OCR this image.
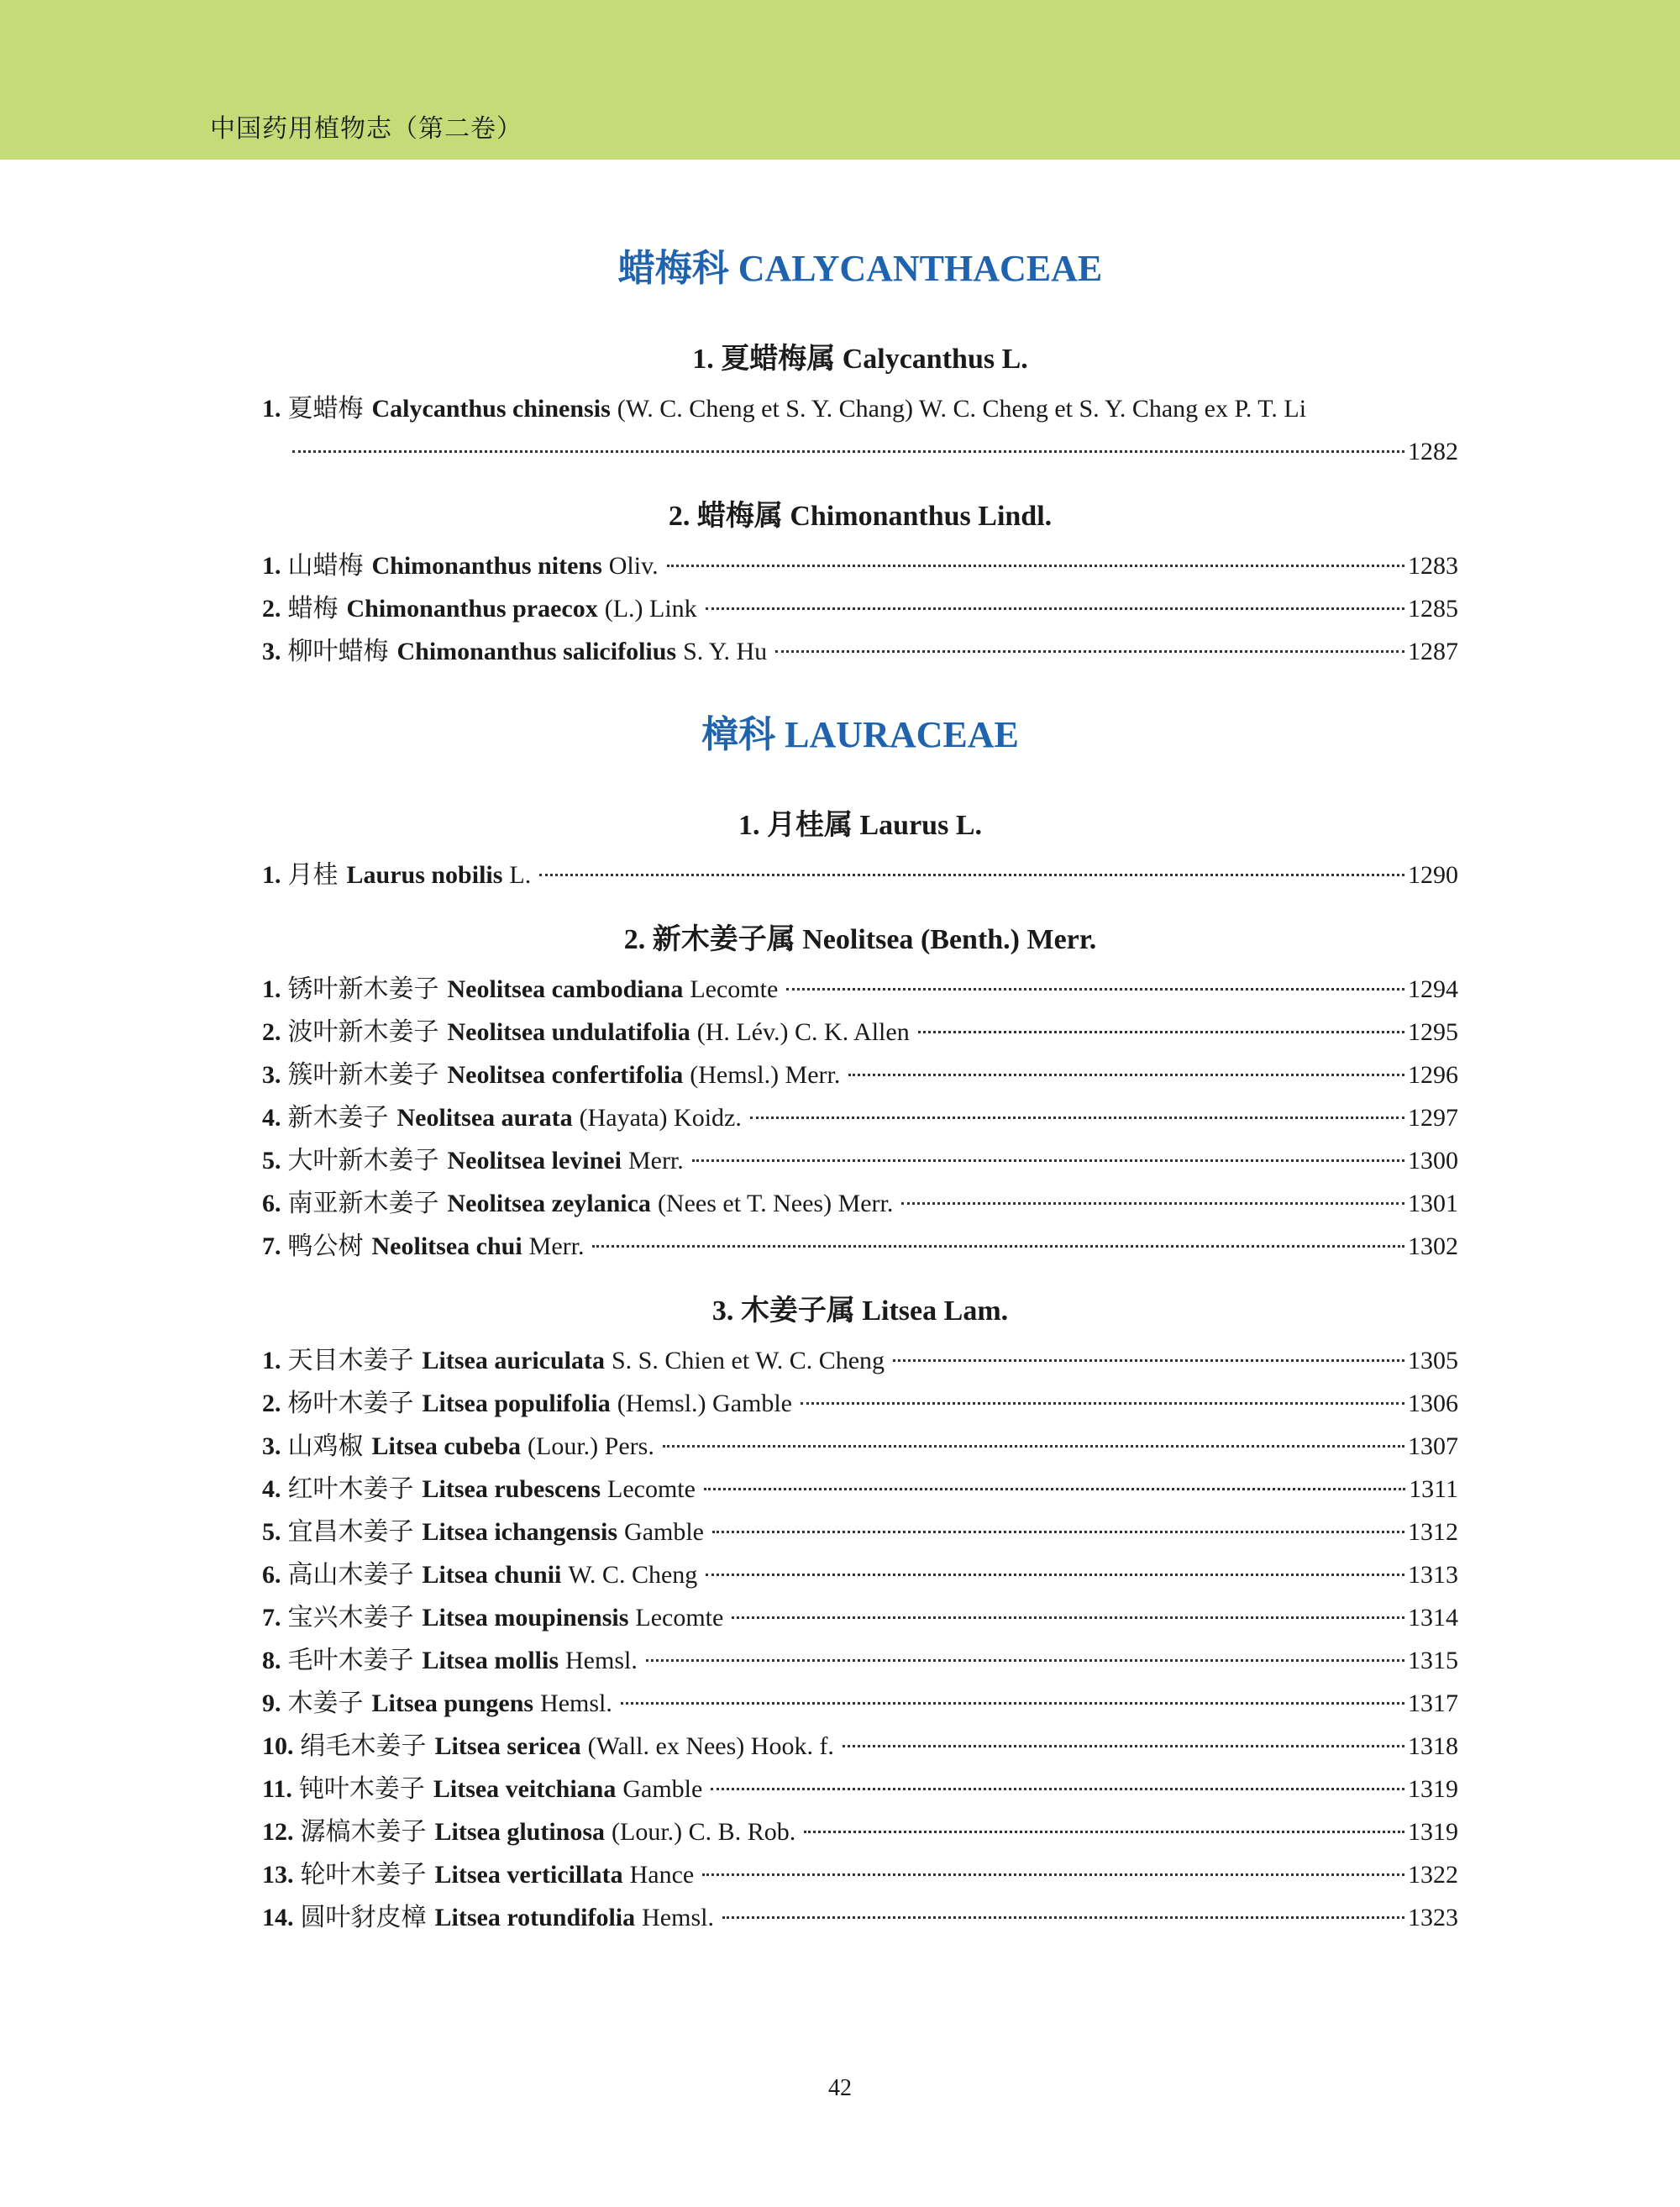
中国药用植物志（第二卷）
蜡梅科 CALYCANTHACEAE
1. 夏蜡梅属 Calycanthus L.
1. 夏蜡梅 Calycanthus chinensis (W. C. Cheng et S. Y. Chang) W. C. Cheng et S. Y. Chang ex P. T. Li
1282
2. 蜡梅属 Chimonanthus Lindl.
1. 山蜡梅 Chimonanthus nitens Oliv.	1283
2. 蜡梅 Chimonanthus praecox (L.) Link	1285
3. 柳叶蜡梅 Chimonanthus salicifolius S. Y. Hu	1287
樟科 LAURACEAE
1. 月桂属 Laurus L.
1. 月桂 Laurus nobilis L.	1290
2. 新木姜子属 Neolitsea (Benth.) Merr.
1. 锈叶新木姜子 Neolitsea cambodiana Lecomte	1294
2. 波叶新木姜子 Neolitsea undulatifolia (H. Lév.) C. K. Allen	1295
3. 簇叶新木姜子 Neolitsea confertifolia (Hemsl.) Merr.	1296
4. 新木姜子 Neolitsea aurata (Hayata) Koidz.	1297
5. 大叶新木姜子 Neolitsea levinei Merr.	1300
6. 南亚新木姜子 Neolitsea zeylanica (Nees et T. Nees) Merr.	1301
7. 鸭公树 Neolitsea chui Merr.	1302
3. 木姜子属 Litsea Lam.
1. 天目木姜子 Litsea auriculata S. S. Chien et W. C. Cheng	1305
2. 杨叶木姜子 Litsea populifolia (Hemsl.) Gamble	1306
3. 山鸡椒 Litsea cubeba (Lour.) Pers.	1307
4. 红叶木姜子 Litsea rubescens Lecomte	1311
5. 宜昌木姜子 Litsea ichangensis Gamble	1312
6. 高山木姜子 Litsea chunii W. C. Cheng	1313
7. 宝兴木姜子 Litsea moupinensis Lecomte	1314
8. 毛叶木姜子 Litsea mollis Hemsl.	1315
9. 木姜子 Litsea pungens Hemsl.	1317
10. 绢毛木姜子 Litsea sericea (Wall. ex Nees) Hook. f.	1318
11. 钝叶木姜子 Litsea veitchiana Gamble	1319
12. 潺槁木姜子 Litsea glutinosa (Lour.) C. B. Rob.	1319
13. 轮叶木姜子 Litsea verticillata Hance	1322
14. 圆叶豺皮樟 Litsea rotundifolia Hemsl.	1323
42
